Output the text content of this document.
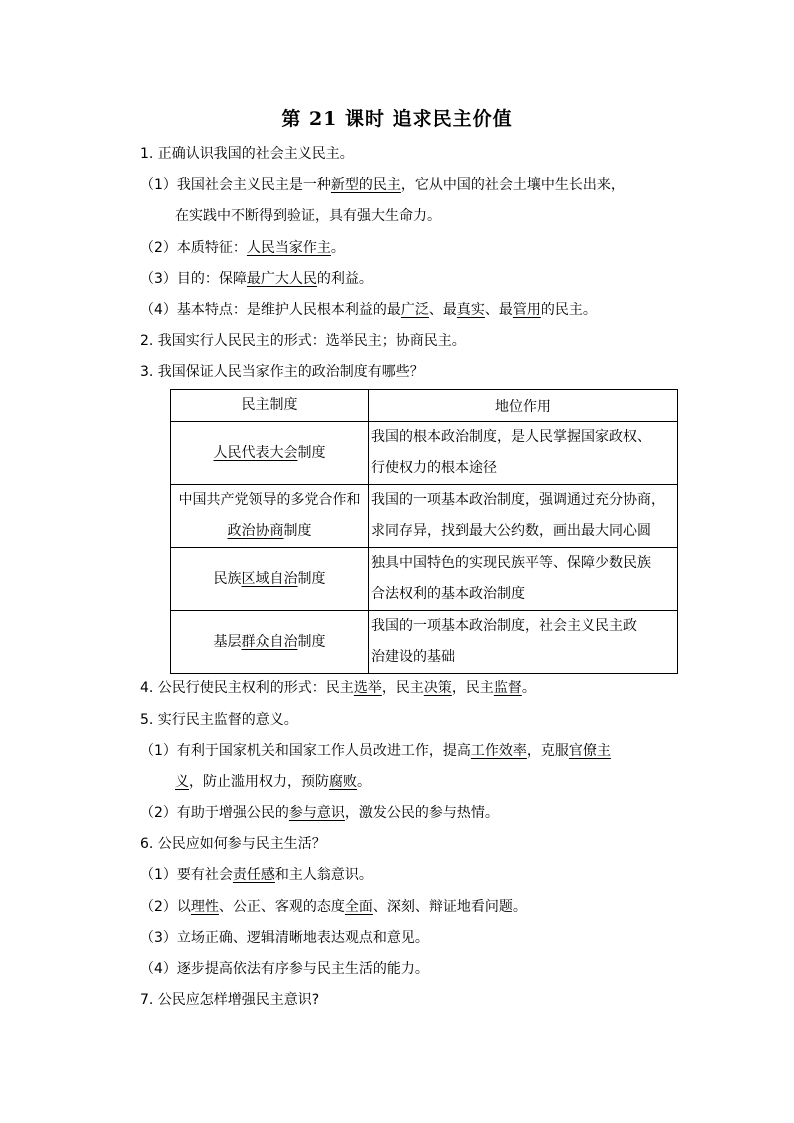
第 21 课时 追求民主价值
1. 正确认识我国的社会主义民主。
（1）我国社会主义民主是一种新型的民主，它从中国的社会土壤中生长出来，
在实践中不断得到验证，具有强大生命力。
（2）本质特征：人民当家作主。
（3）目的：保障最广大人民的利益。
（4）基本特点：是维护人民根本利益的最广泛、最真实、最管用的民主。
2. 我国实行人民民主的形式：选举民主；协商民主。
3. 我国保证人民当家作主的政治制度有哪些？
民主制度	地位作用
人民代表大会制度	我国的根本政治制度，是人民掌握国家政权、
行使权力的根本途径

中国共产党领导的多党合作和政治协商制度	我国的一项基本政治制度，强调通过充分协商，
求同存异，找到最大公约数，画出最大同心圆

民族区域自治制度	独具中国特色的实现民族平等、保障少数民族
合法权利的基本政治制度

基层群众自治制度	我国的一项基本政治制度，社会主义民主政
治建设的基础
4. 公民行使民主权利的形式：民主选举，民主决策，民主监督。
5. 实行民主监督的意义。
（1）有利于国家机关和国家工作人员改进工作，提高工作效率，克服官僚主
义，防止滥用权力，预防腐败。
（2）有助于增强公民的参与意识，激发公民的参与热情。
6. 公民应如何参与民主生活？
（1）要有社会责任感和主人翁意识。
（2）以理性、公正、客观的态度全面、深刻、辩证地看问题。
（3）立场正确、逻辑清晰地表达观点和意见。
（4）逐步提高依法有序参与民主生活的能力。
7. 公民应怎样增强民主意识?
